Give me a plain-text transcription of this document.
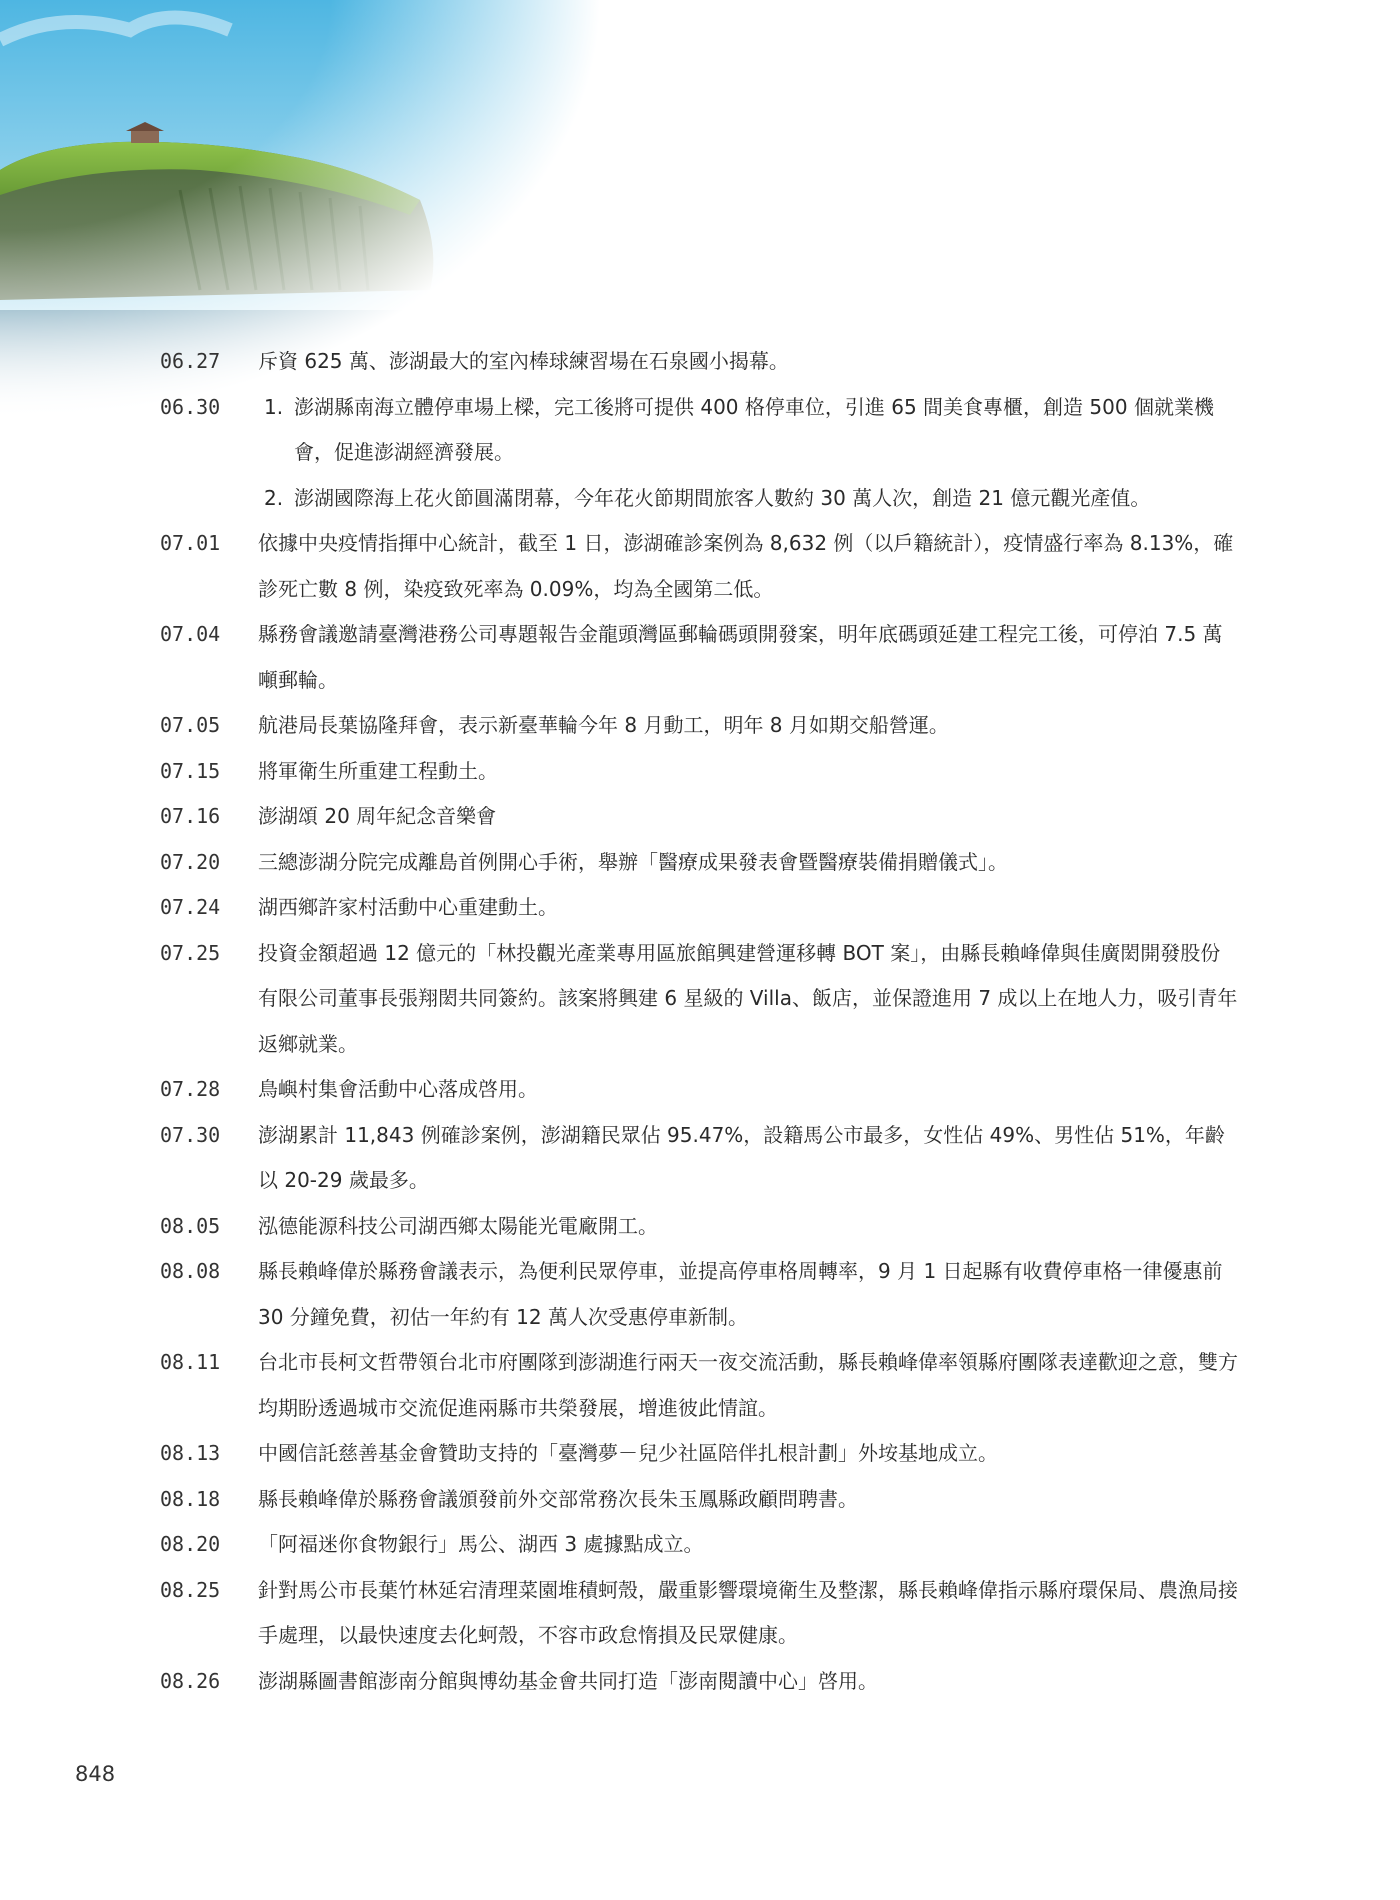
06.27	斥資 625 萬、澎湖最大的室內棒球練習場在石泉國小揭幕。

06.30	1. 澎湖縣南海立體停車場上樑，完工後將可提供 400 格停車位，引進 65 間美食專櫃，創造 500 個就業機會，促進澎湖經濟發展。
2. 澎湖國際海上花火節圓滿閉幕，今年花火節期間旅客人數約 30 萬人次，創造 21 億元觀光產值。
07.01	依據中央疫情指揮中心統計，截至 1 日，澎湖確診案例為 8,632 例（以戶籍統計），疫情盛行率為 8.13%，確診死亡數 8 例，染疫致死率為 0.09%，均為全國第二低。

07.04	縣務會議邀請臺灣港務公司專題報告金龍頭灣區郵輪碼頭開發案，明年底碼頭延建工程完工後，可停泊 7.5 萬噸郵輪。

07.05	航港局長葉協隆拜會，表示新臺華輪今年 8 月動工，明年 8 月如期交船營運。

07.15	將軍衛生所重建工程動土。

07.16	澎湖頌 20 周年紀念音樂會

07.20	三總澎湖分院完成離島首例開心手術，舉辦「醫療成果發表會暨醫療裝備捐贈儀式」。

07.24	湖西鄉許家村活動中心重建動土。

07.25	投資金額超過 12 億元的「林投觀光產業專用區旅館興建營運移轉 BOT 案」，由縣長賴峰偉與佳廣閎開發股份有限公司董事長張翔閎共同簽約。該案將興建 6 星級的 Villa、飯店，並保證進用 7 成以上在地人力，吸引青年返鄉就業。

07.28	鳥嶼村集會活動中心落成啓用。

07.30	澎湖累計 11,843 例確診案例，澎湖籍民眾佔 95.47%，設籍馬公市最多，女性佔 49%、男性佔 51%，年齡以 20-29 歲最多。

08.05	泓德能源科技公司湖西鄉太陽能光電廠開工。

08.08	縣長賴峰偉於縣務會議表示，為便利民眾停車，並提高停車格周轉率，9 月 1 日起縣有收費停車格一律優惠前 30 分鐘免費，初估一年約有 12 萬人次受惠停車新制。

08.11	台北市長柯文哲帶領台北市府團隊到澎湖進行兩天一夜交流活動，縣長賴峰偉率領縣府團隊表達歡迎之意，雙方均期盼透過城市交流促進兩縣市共榮發展，增進彼此情誼。

08.13	中國信託慈善基金會贊助支持的「臺灣夢－兒少社區陪伴扎根計劃」外垵基地成立。

08.18	縣長賴峰偉於縣務會議頒發前外交部常務次長朱玉鳳縣政顧問聘書。

08.20	「阿福迷你食物銀行」馬公、湖西 3 處據點成立。

08.25	針對馬公市長葉竹林延宕清理菜園堆積蚵殼，嚴重影響環境衛生及整潔，縣長賴峰偉指示縣府環保局、農漁局接手處理，以最快速度去化蚵殼，不容市政怠惰損及民眾健康。

08.26	澎湖縣圖書館澎南分館與博幼基金會共同打造「澎南閱讀中心」啓用。

848
